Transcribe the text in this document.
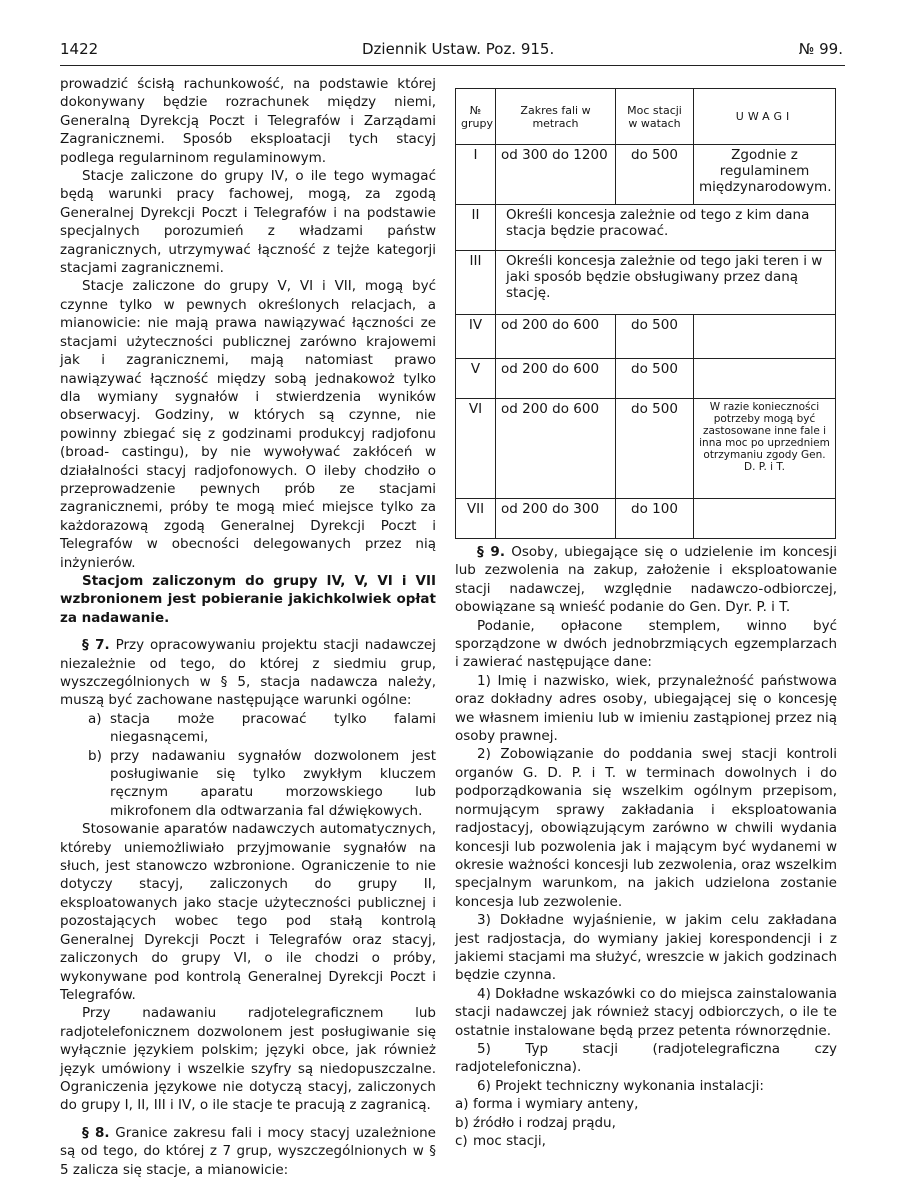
1422	Dziennik Ustaw. Poz. 915.	№ 99.

prowadzić ścisłą rachunkowość, na podstawie której dokonywany będzie rozrachunek między niemi, Generalną Dyrekcją Poczt i Telegrafów i Zarządami Zagranicznemi. Sposób eksploatacji tych stacyj podlega regularninom regulaminowym.

Stacje zaliczone do grupy IV, o ile tego wymagać będą warunki pracy fachowej, mogą, za zgodą Generalnej Dyrekcji Poczt i Telegrafów i na podstawie specjalnych porozumień z władzami państw zagranicznych, utrzymywać łączność z tejże kategorji stacjami zagranicznemi.

Stacje zaliczone do grupy V, VI i VII, mogą być czynne tylko w pewnych określonych relacjach, a mianowicie: nie mają prawa nawiązywać łączności ze stacjami użyteczności publicznej zarówno krajowemi jak i zagranicznemi, mają natomiast prawo nawiązywać łączność między sobą jednakowoż tylko dla wymiany sygnałów i stwierdzenia wyników obserwacyj. Godziny, w których są czynne, nie powinny zbiegać się z godzinami produkcyj radjofonu (broad- castingu), by nie wywoływać zakłóceń w działalności stacyj radjofonowych. O ileby chodziło o przeprowadzenie pewnych prób ze stacjami zagranicznemi, próby te mogą mieć miejsce tylko za każdorazową zgodą Generalnej Dyrekcji Poczt i Telegrafów w obecności delegowanych przez nią inżynierów.

Stacjom zaliczonym do grupy IV, V, VI i VII wzbronionem jest pobieranie jakichkolwiek opłat za nadawanie.

§ 7. Przy opracowywaniu projektu stacji nadawczej niezależnie od tego, do której z siedmiu grup, wyszczególnionych w § 5, stacja nadawcza należy, muszą być zachowane następujące warunki ogólne:

a) stacja może pracować tylko falami niegasnącemi,
b) przy nadawaniu sygnałów dozwolonem jest posługiwanie się tylko zwykłym kluczem ręcznym aparatu morzowskiego lub mikrofonem dla odtwarzania fal dźwiękowych.

Stosowanie aparatów nadawczych automatycznych, któreby uniemożliwiało przyjmowanie sygnałów na słuch, jest stanowczo wzbronione. Ograniczenie to nie dotyczy stacyj, zaliczonych do grupy II, eksploatowanych jako stacje użyteczności publicznej i pozostających wobec tego pod stałą kontrolą Generalnej Dyrekcji Poczt i Telegrafów oraz stacyj, zaliczonych do grupy VI, o ile chodzi o próby, wykonywane pod kontrolą Generalnej Dyrekcji Poczt i Telegrafów.

Przy nadawaniu radjotelegraficznem lub radjotelefonicznem dozwolonem jest posługiwanie się wyłącznie językiem polskim; języki obce, jak również język umówiony i wszelkie szyfry są niedopuszczalne. Ograniczenia językowe nie dotyczą stacyj, zaliczonych do grupy I, II, III i IV, o ile stacje te pracują z zagranicą.

§ 8. Granice zakresu fali i mocy stacyj uzależnione są od tego, do której z 7 grup, wyszczególnionych w § 5 zalicza się stacje, a mianowicie:

№ grupy	Zakres fali w metrach	Moc stacji w watach	UWAGI
I	od 300 do 1200	do 500	Zgodnie z regulaminem międzynarodowym.
II	Określi koncesja zależnie od tego z kim dana stacja będzie pracować.		
III	Określi koncesja zależnie od tego jaki teren i w jaki sposób będzie obsługiwany przez daną stację.		
IV	od 200 do 600	do 500	
V	od 200 do 600	do 500	
VI	od 200 do 600	do 500	W razie konieczności potrzeby mogą być zastosowane inne fale i inna moc po uprzedniem otrzymaniu zgody Gen. D. P. i T.
VII	od 200 do 300	do 100	

§ 9. Osoby, ubiegające się o udzielenie im koncesji lub zezwolenia na zakup, założenie i eksploatowanie stacji nadawczej, względnie nadawczo-odbiorczej, obowiązane są wnieść podanie do Gen. Dyr. P. i T.

Podanie, opłacone stemplem, winno być sporządzone w dwóch jednobrzmiących egzemplarzach i zawierać następujące dane:

1) Imię i nazwisko, wiek, przynależność państwowa oraz dokładny adres osoby, ubiegającej się o koncesję we własnem imieniu lub w imieniu zastąpionej przez nią osoby prawnej.

2) Zobowiązanie do poddania swej stacji kontroli organów G. D. P. i T. w terminach dowolnych i do podporządkowania się wszelkim ogólnym przepisom, normującym sprawy zakładania i eksploatowania radjostacyj, obowiązującym zarówno w chwili wydania koncesji lub pozwolenia jak i mającym być wydanemi w okresie ważności koncesji lub zezwolenia, oraz wszelkim specjalnym warunkom, na jakich udzielona zostanie koncesja lub zezwolenie.

3) Dokładne wyjaśnienie, w jakim celu zakładana jest radjostacja, do wymiany jakiej korespondencji i z jakiemi stacjami ma służyć, wreszcie w jakich godzinach będzie czynna.

4) Dokładne wskazówki co do miejsca zainstalowania stacji nadawczej jak również stacyj odbiorczych, o ile te ostatnie instalowane będą przez petenta równorzędnie.

5) Typ stacji (radjotelegraficzna czy radjotelefoniczna).

6) Projekt techniczny wykonania instalacji:

a) forma i wymiary anteny,
b) źródło i rodzaj prądu,
c) moc stacji,
